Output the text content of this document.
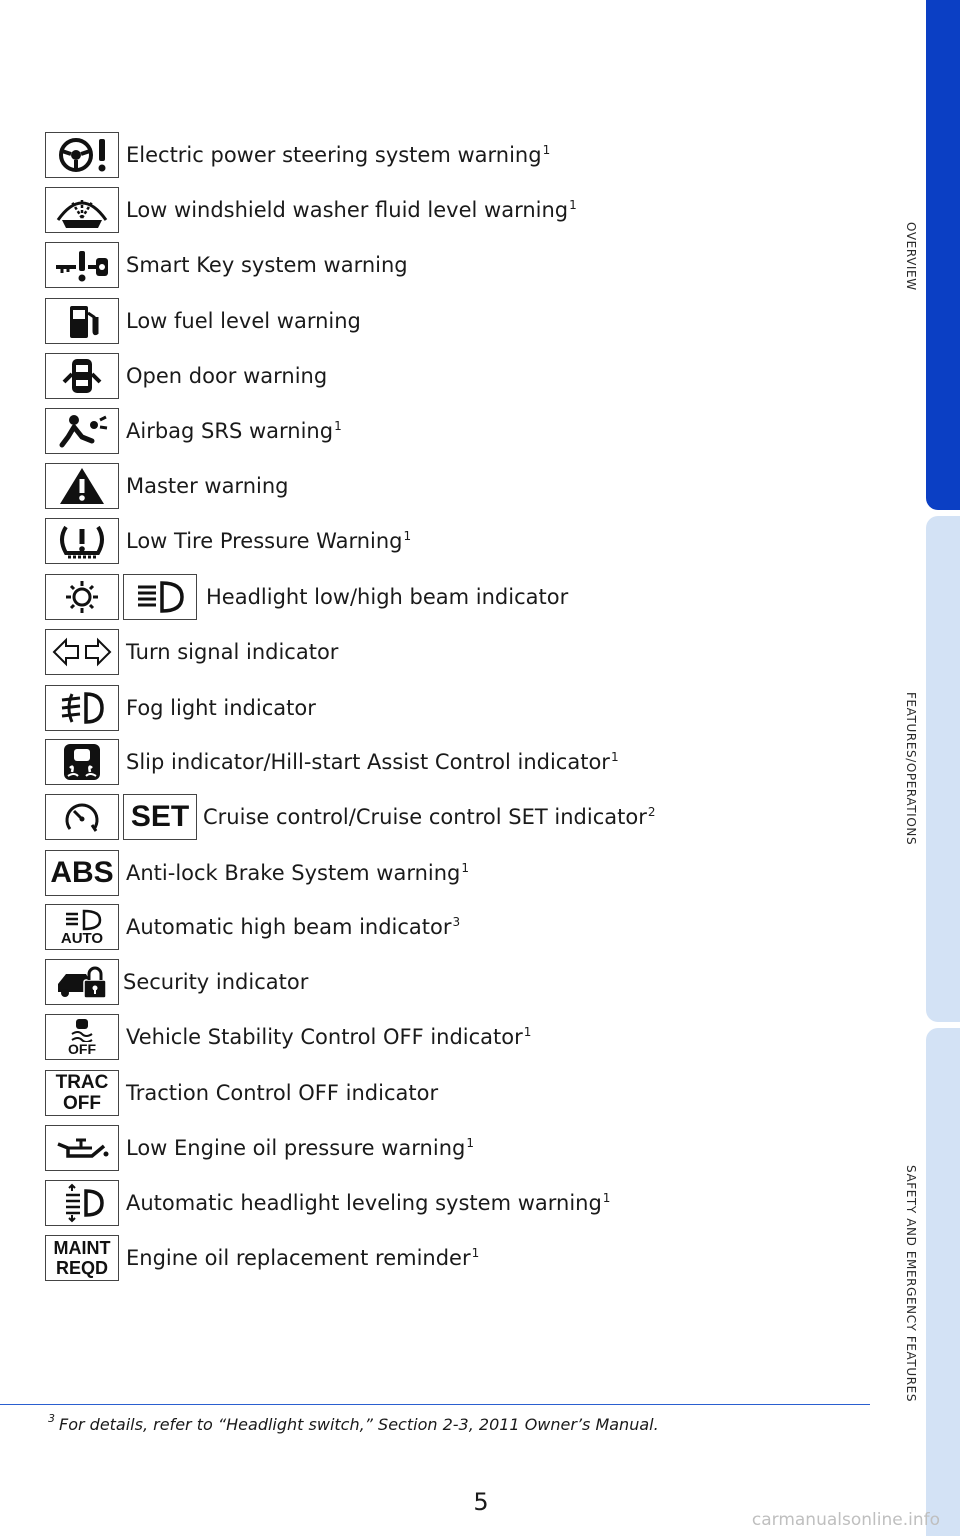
OVERVIEW
FEATURES/OPERATIONS
SAFETY AND EMERGENCY FEATURES
Electric power steering system warning$^1$
Low windshield washer fluid level warning$^1$
Smart Key system warning
Low fuel level warning
Open door warning
Airbag SRS warning$^1$
Master warning
Low Tire Pressure Warning$^1$
Headlight low/high beam indicator
Turn signal indicator
Fog light indicator
Slip indicator/Hill-start Assist Control indicator$^1$
SET Cruise control/Cruise control SET indicator$^2$
ABS Anti-lock Brake System warning$^1$
AUTO Automatic high beam indicator$^3$
Security indicator
OFF Vehicle Stability Control OFF indicator$^1$
TRAC
OFF Traction Control OFF indicator
Low Engine oil pressure warning$^1$
Automatic headlight leveling system warning$^1$
MAINT
REQD Engine oil replacement reminder$^1$
$^3$ For details, refer to “Headlight switch,” Section 2-3, 2011 Owner’s Manual.
5
carmanualsonline.info
